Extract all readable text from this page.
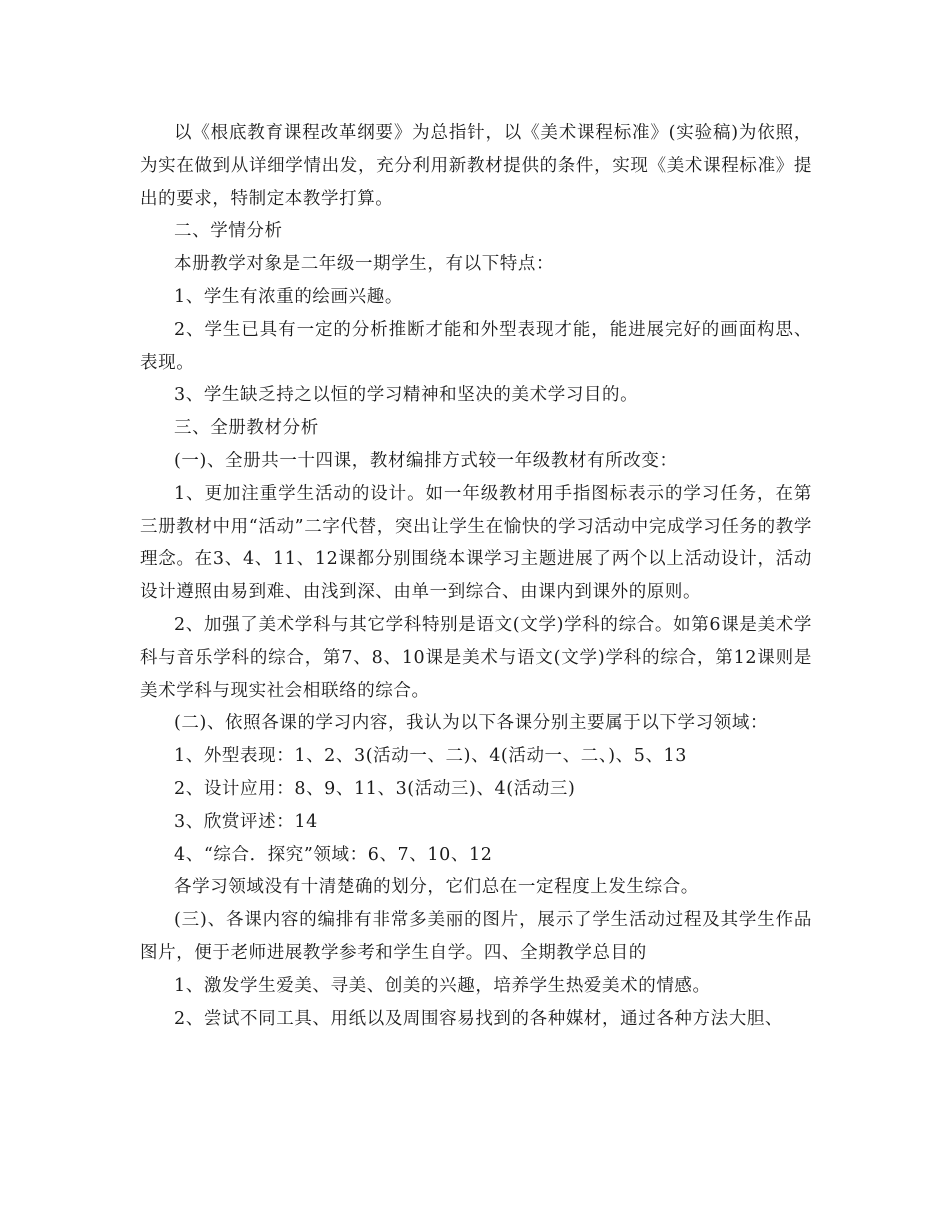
以《根底教育课程改革纲要》为总指针，以《美术课程标准》(实验稿)为依照，为实在做到从详细学情出发，充分利用新教材提供的条件，实现《美术课程标准》提出的要求，特制定本教学打算。

二、学情分析

本册教学对象是二年级一期学生，有以下特点：

1、学生有浓重的绘画兴趣。

2、学生已具有一定的分析推断才能和外型表现才能，能进展完好的画面构思、表现。

3、学生缺乏持之以恒的学习精神和坚决的美术学习目的。

三、全册教材分析

(一)、全册共一十四课，教材编排方式较一年级教材有所改变：

1、更加注重学生活动的设计。如一年级教材用手指图标表示的学习任务，在第三册教材中用“活动”二字代替，突出让学生在愉快的学习活动中完成学习任务的教学理念。在3、4、11、12课都分别围绕本课学习主题进展了两个以上活动设计，活动设计遵照由易到难、由浅到深、由单一到综合、由课内到课外的原则。

2、加强了美术学科与其它学科特别是语文(文学)学科的综合。如第6课是美术学科与音乐学科的综合，第7、8、10课是美术与语文(文学)学科的综合，第12课则是美术学科与现实社会相联络的综合。

(二)、依照各课的学习内容，我认为以下各课分别主要属于以下学习领域：

1、外型表现：1、2、3(活动一、二)、4(活动一、二、)、5、13

2、设计应用：8、9、11、3(活动三)、4(活动三)

3、欣赏评述：14

4、“综合．探究”领域：6、7、10、12

各学习领域没有十清楚确的划分，它们总在一定程度上发生综合。

(三)、各课内容的编排有非常多美丽的图片，展示了学生活动过程及其学生作品图片，便于老师进展教学参考和学生自学。四、全期教学总目的

1、激发学生爱美、寻美、创美的兴趣，培养学生热爱美术的情感。

2、尝试不同工具、用纸以及周围容易找到的各种媒材，通过各种方法大胆、
